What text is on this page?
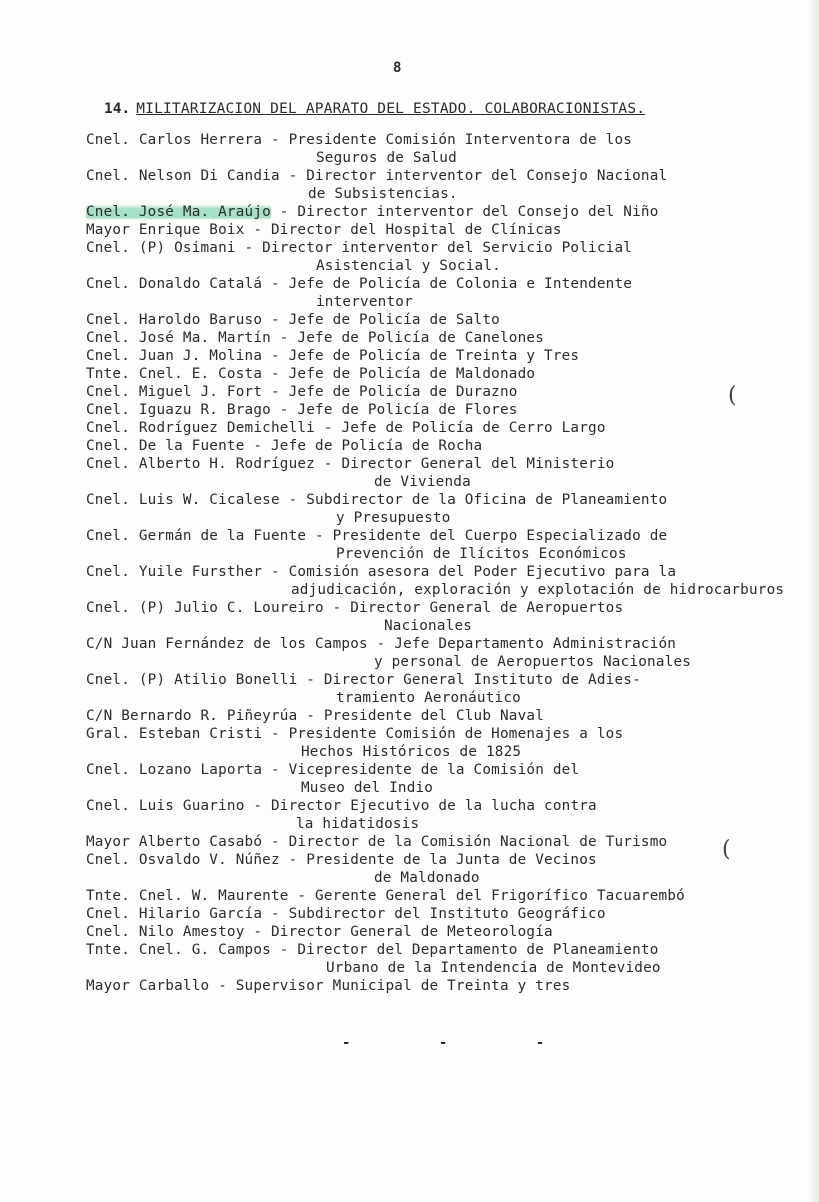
8
14. MILITARIZACION DEL APARATO DEL ESTADO. COLABORACIONISTAS.
Cnel. Carlos Herrera - Presidente Comisión Interventora de los
Seguros de Salud
Cnel. Nelson Di Candia - Director interventor del Consejo Nacional
de Subsistencias.
Cnel. José Ma. Araújo - Director interventor del Consejo del Niño
Mayor Enrique Boix - Director del Hospital de Clínicas
Cnel. (P) Osimani - Director interventor del Servicio Policial
Asistencial y Social.
Cnel. Donaldo Catalá - Jefe de Policía de Colonia e Intendente
interventor
Cnel. Haroldo Baruso - Jefe de Policía de Salto
Cnel. José Ma. Martín - Jefe de Policía de Canelones
Cnel. Juan J. Molina - Jefe de Policía de Treinta y Tres
Tnte. Cnel. E. Costa - Jefe de Policía de Maldonado
Cnel. Miguel J. Fort - Jefe de Policía de Durazno
Cnel. Iguazu R. Brago - Jefe de Policía de Flores
Cnel. Rodríguez Demichelli - Jefe de Policía de Cerro Largo
Cnel. De la Fuente - Jefe de Policía de Rocha
Cnel. Alberto H. Rodríguez - Director General del Ministerio
de Vivienda
Cnel. Luis W. Cicalese - Subdirector de la Oficina de Planeamiento
y Presupuesto
Cnel. Germán de la Fuente - Presidente del Cuerpo Especializado de
Prevención de Ilícitos Económicos
Cnel. Yuile Fursther - Comisión asesora del Poder Ejecutivo para la
adjudicación, exploración y explotación de hidrocarburos
Cnel. (P) Julio C. Loureiro - Director General de Aeropuertos
Nacionales
C/N Juan Fernández de los Campos - Jefe Departamento Administración
y personal de Aeropuertos Nacionales
Cnel. (P) Atilio Bonelli - Director General Instituto de Adies-
tramiento Aeronáutico
C/N Bernardo R. Piñeyrúa - Presidente del Club Naval
Gral. Esteban Cristi - Presidente Comisión de Homenajes a los
Hechos Históricos de 1825
Cnel. Lozano Laporta - Vicepresidente de la Comisión del
Museo del Indio
Cnel. Luis Guarino - Director Ejecutivo de la lucha contra
la hidatidosis
Mayor Alberto Casabó - Director de la Comisión Nacional de Turismo
Cnel. Osvaldo V. Núñez - Presidente de la Junta de Vecinos
de Maldonado
Tnte. Cnel. W. Maurente - Gerente General del Frigorífico Tacuarembó
Cnel. Hilario García - Subdirector del Instituto Geográfico
Cnel. Nilo Amestoy - Director General de Meteorología
Tnte. Cnel. G. Campos - Director del Departamento de Planeamiento
Urbano de la Intendencia de Montevideo
Mayor Carballo - Supervisor Municipal de Treinta y tres
(
(
- - -
